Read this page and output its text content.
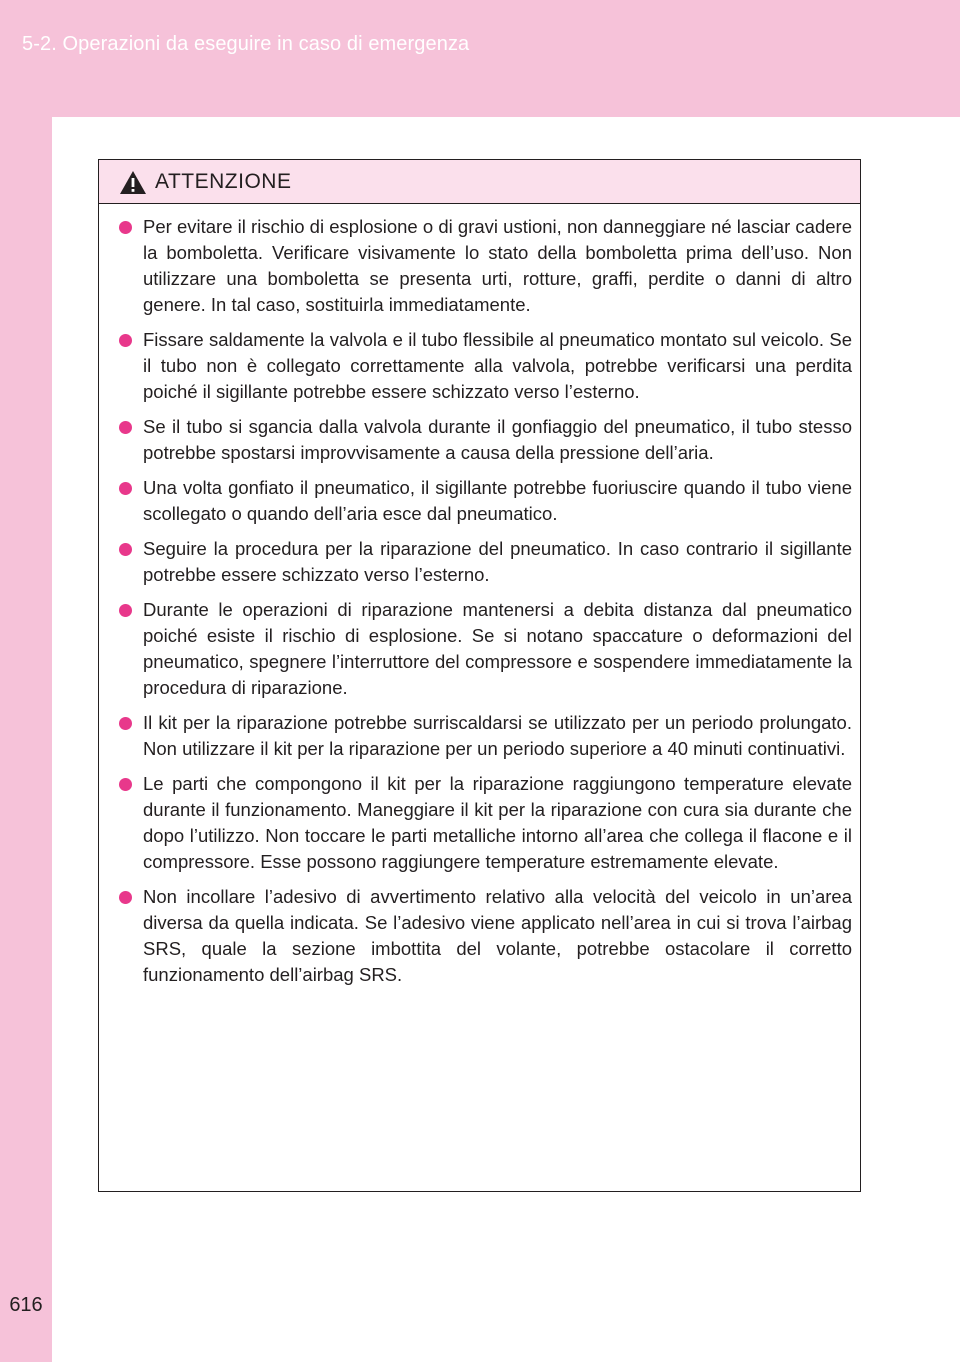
5-2. Operazioni da eseguire in caso di emergenza
616
ATTENZIONE
Per evitare il rischio di esplosione o di gravi ustioni, non danneggiare né lasciar cadere la bomboletta. Verificare visivamente lo stato della bomboletta prima dell’uso. Non utilizzare una bomboletta se presenta urti, rotture, graffi, perdite o danni di altro genere. In tal caso, sostituirla immediatamente.
Fissare saldamente la valvola e il tubo flessibile al pneumatico montato sul veicolo. Se il tubo non è collegato correttamente alla valvola, potrebbe verificarsi una perdita poiché il sigillante potrebbe essere schizzato verso l’esterno.
Se il tubo si sgancia dalla valvola durante il gonfiaggio del pneumatico, il tubo stesso potrebbe spostarsi improvvisamente a causa della pressione dell’aria.
Una volta gonfiato il pneumatico, il sigillante potrebbe fuoriuscire quando il tubo viene scollegato o quando dell’aria esce dal pneumatico.
Seguire la procedura per la riparazione del pneumatico. In caso contrario il sigillante potrebbe essere schizzato verso l’esterno.
Durante le operazioni di riparazione mantenersi a debita distanza dal pneumatico poiché esiste il rischio di esplosione. Se si notano spaccature o deformazioni del pneumatico, spegnere l’interruttore del compressore e sospendere immediatamente la procedura di riparazione.
Il kit per la riparazione potrebbe surriscaldarsi se utilizzato per un periodo prolungato. Non utilizzare il kit per la riparazione per un periodo superiore a 40 minuti continuativi.
Le parti che compongono il kit per la riparazione raggiungono temperature elevate durante il funzionamento. Maneggiare il kit per la riparazione con cura sia durante che dopo l’utilizzo. Non toccare le parti metalliche intorno all’area che collega il flacone e il compressore. Esse possono raggiungere temperature estremamente elevate.
Non incollare l’adesivo di avvertimento relativo alla velocità del veicolo in un’area diversa da quella indicata. Se l’adesivo viene applicato nell’area in cui si trova l’airbag SRS, quale la sezione imbottita del volante, potrebbe ostacolare il corretto funzionamento dell’airbag SRS.
